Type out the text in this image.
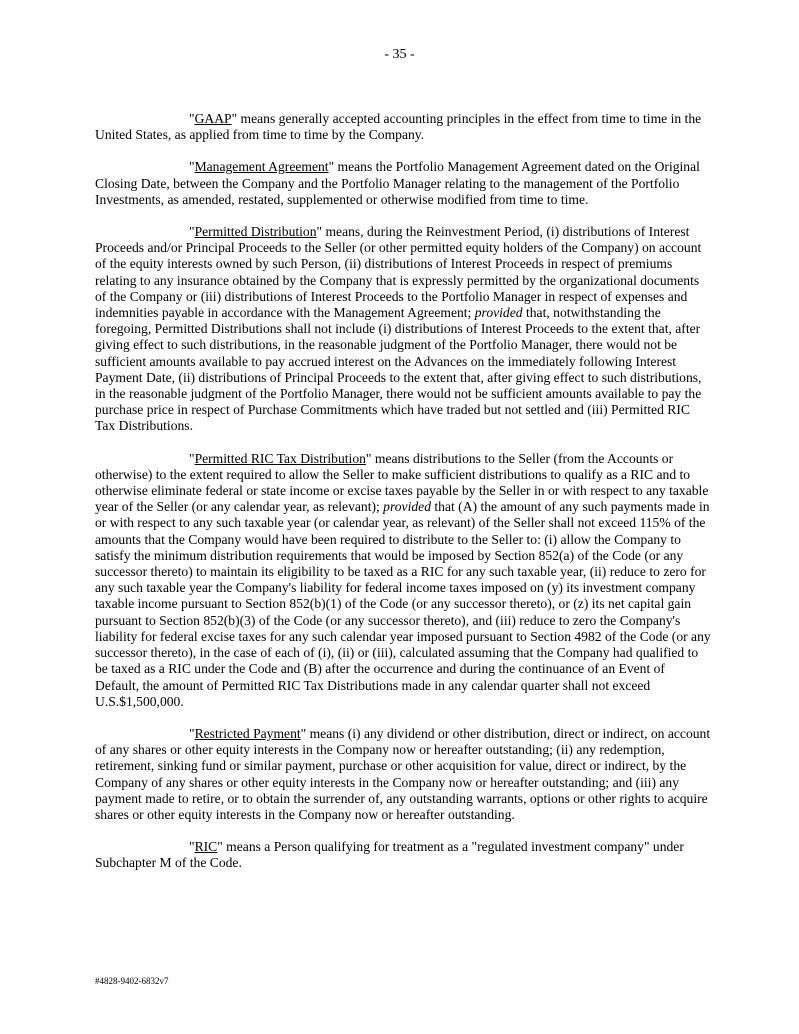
- 35 -

"GAAP" means generally accepted accounting principles in the effect from time to time in the United States, as applied from time to time by the Company.

"Management Agreement" means the Portfolio Management Agreement dated on the Original Closing Date, between the Company and the Portfolio Manager relating to the management of the Portfolio Investments, as amended, restated, supplemented or otherwise modified from time to time.

"Permitted Distribution" means, during the Reinvestment Period, (i) distributions of Interest Proceeds and/or Principal Proceeds to the Seller (or other permitted equity holders of the Company) on account of the equity interests owned by such Person, (ii) distributions of Interest Proceeds in respect of premiums relating to any insurance obtained by the Company that is expressly permitted by the organizational documents of the Company or (iii) distributions of Interest Proceeds to the Portfolio Manager in respect of expenses and indemnities payable in accordance with the Management Agreement; provided that, notwithstanding the foregoing, Permitted Distributions shall not include (i) distributions of Interest Proceeds to the extent that, after giving effect to such distributions, in the reasonable judgment of the Portfolio Manager, there would not be sufficient amounts available to pay accrued interest on the Advances on the immediately following Interest Payment Date, (ii) distributions of Principal Proceeds to the extent that, after giving effect to such distributions, in the reasonable judgment of the Portfolio Manager, there would not be sufficient amounts available to pay the purchase price in respect of Purchase Commitments which have traded but not settled and (iii) Permitted RIC Tax Distributions.

"Permitted RIC Tax Distribution" means distributions to the Seller (from the Accounts or otherwise) to the extent required to allow the Seller to make sufficient distributions to qualify as a RIC and to otherwise eliminate federal or state income or excise taxes payable by the Seller in or with respect to any taxable year of the Seller (or any calendar year, as relevant); provided that (A) the amount of any such payments made in or with respect to any such taxable year (or calendar year, as relevant) of the Seller shall not exceed 115% of the amounts that the Company would have been required to distribute to the Seller to: (i) allow the Company to satisfy the minimum distribution requirements that would be imposed by Section 852(a) of the Code (or any successor thereto) to maintain its eligibility to be taxed as a RIC for any such taxable year, (ii) reduce to zero for any such taxable year the Company's liability for federal income taxes imposed on (y) its investment company taxable income pursuant to Section 852(b)(1) of the Code (or any successor thereto), or (z) its net capital gain pursuant to Section 852(b)(3) of the Code (or any successor thereto), and (iii) reduce to zero the Company's liability for federal excise taxes for any such calendar year imposed pursuant to Section 4982 of the Code (or any successor thereto), in the case of each of (i), (ii) or (iii), calculated assuming that the Company had qualified to be taxed as a RIC under the Code and (B) after the occurrence and during the continuance of an Event of Default, the amount of Permitted RIC Tax Distributions made in any calendar quarter shall not exceed U.S.$1,500,000.

"Restricted Payment" means (i) any dividend or other distribution, direct or indirect, on account of any shares or other equity interests in the Company now or hereafter outstanding; (ii) any redemption, retirement, sinking fund or similar payment, purchase or other acquisition for value, direct or indirect, by the Company of any shares or other equity interests in the Company now or hereafter outstanding; and (iii) any payment made to retire, or to obtain the surrender of, any outstanding warrants, options or other rights to acquire shares or other equity interests in the Company now or hereafter outstanding.

"RIC" means a Person qualifying for treatment as a "regulated investment company" under Subchapter M of the Code.

#4828-9402-6832v7
